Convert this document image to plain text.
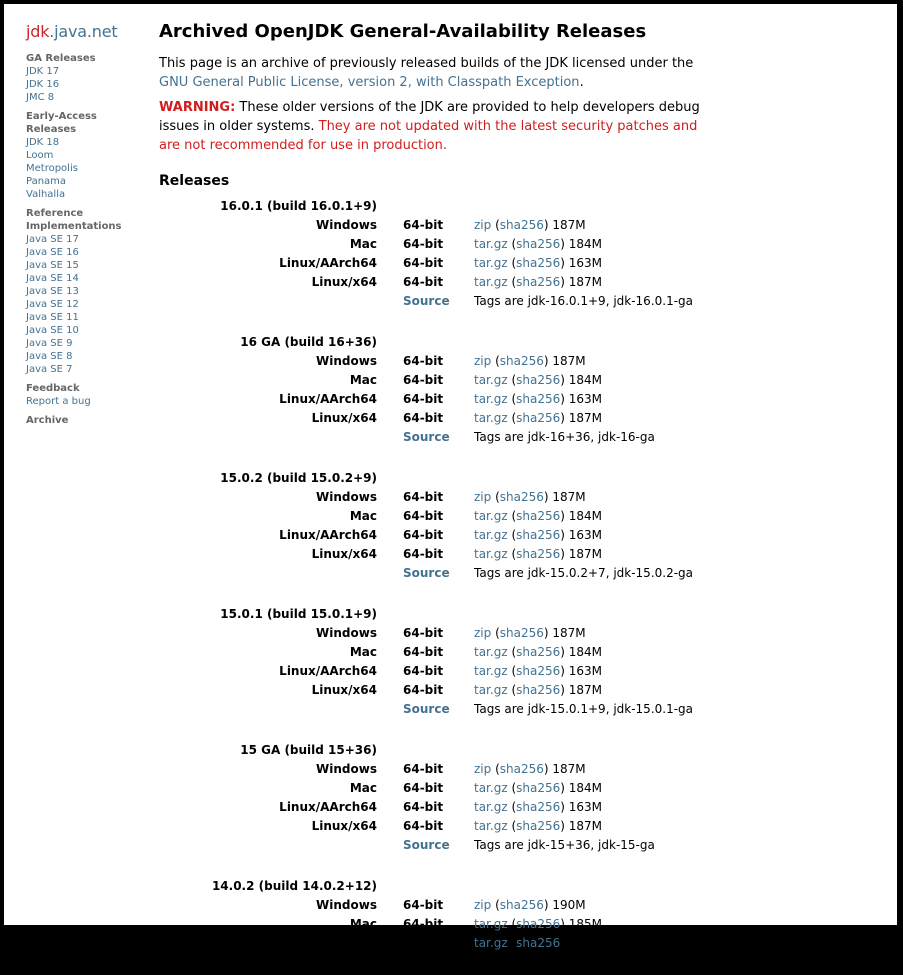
jdk.java.net
GA Releases
JDK 17
JDK 16
JMC 8
Early-Access Releases
JDK 18
Loom
Metropolis
Panama
Valhalla
Reference Implementations
Java SE 17
Java SE 16
Java SE 15
Java SE 14
Java SE 13
Java SE 12
Java SE 11
Java SE 10
Java SE 9
Java SE 8
Java SE 7
Feedback
Report a bug
Archive
Archived OpenJDK General-Availability Releases

This page is an archive of previously released builds of the JDK licensed under the GNU General Public License, version 2, with Classpath Exception.

WARNING: These older versions of the JDK are provided to help developers debug issues in older systems. They are not updated with the latest security patches and are not recommended for use in production.

Releases
16.0.1 (build 16.0.1+9)
Windows 64-bit	zip (sha256) 187M
Mac 64-bit	tar.gz (sha256) 184M
Linux/AArch64 64-bit	tar.gz (sha256) 163M
Linux/x64 64-bit	tar.gz (sha256) 187M
Source Tags are jdk-16.0.1+9, jdk-16.0.1-ga
16 GA (build 16+36)
Windows 64-bit	zip (sha256) 187M
Mac 64-bit	tar.gz (sha256) 184M
Linux/AArch64 64-bit	tar.gz (sha256) 163M
Linux/x64 64-bit	tar.gz (sha256) 187M
Source Tags are jdk-16+36, jdk-16-ga
15.0.2 (build 15.0.2+9)
Windows 64-bit	zip (sha256) 187M
Mac 64-bit	tar.gz (sha256) 184M
Linux/AArch64 64-bit	tar.gz (sha256) 163M
Linux/x64 64-bit	tar.gz (sha256) 187M
Source Tags are jdk-15.0.2+7, jdk-15.0.2-ga
15.0.1 (build 15.0.1+9)
Windows 64-bit	zip (sha256) 187M
Mac 64-bit	tar.gz (sha256) 184M
Linux/AArch64 64-bit	tar.gz (sha256) 163M
Linux/x64 64-bit	tar.gz (sha256) 187M
Source Tags are jdk-15.0.1+9, jdk-15.0.1-ga
15 GA (build 15+36)
Windows 64-bit	zip (sha256) 187M
Mac 64-bit	tar.gz (sha256) 184M
Linux/AArch64 64-bit	tar.gz (sha256) 163M
Linux/x64 64-bit	tar.gz (sha256) 187M
Source Tags are jdk-15+36, jdk-15-ga
14.0.2 (build 14.0.2+12)
Windows 64-bit	zip (sha256) 190M
Mac 64-bit	tar.gz (sha256) 185M
Linux 64-bit	tar.gz (sha256) 190M
